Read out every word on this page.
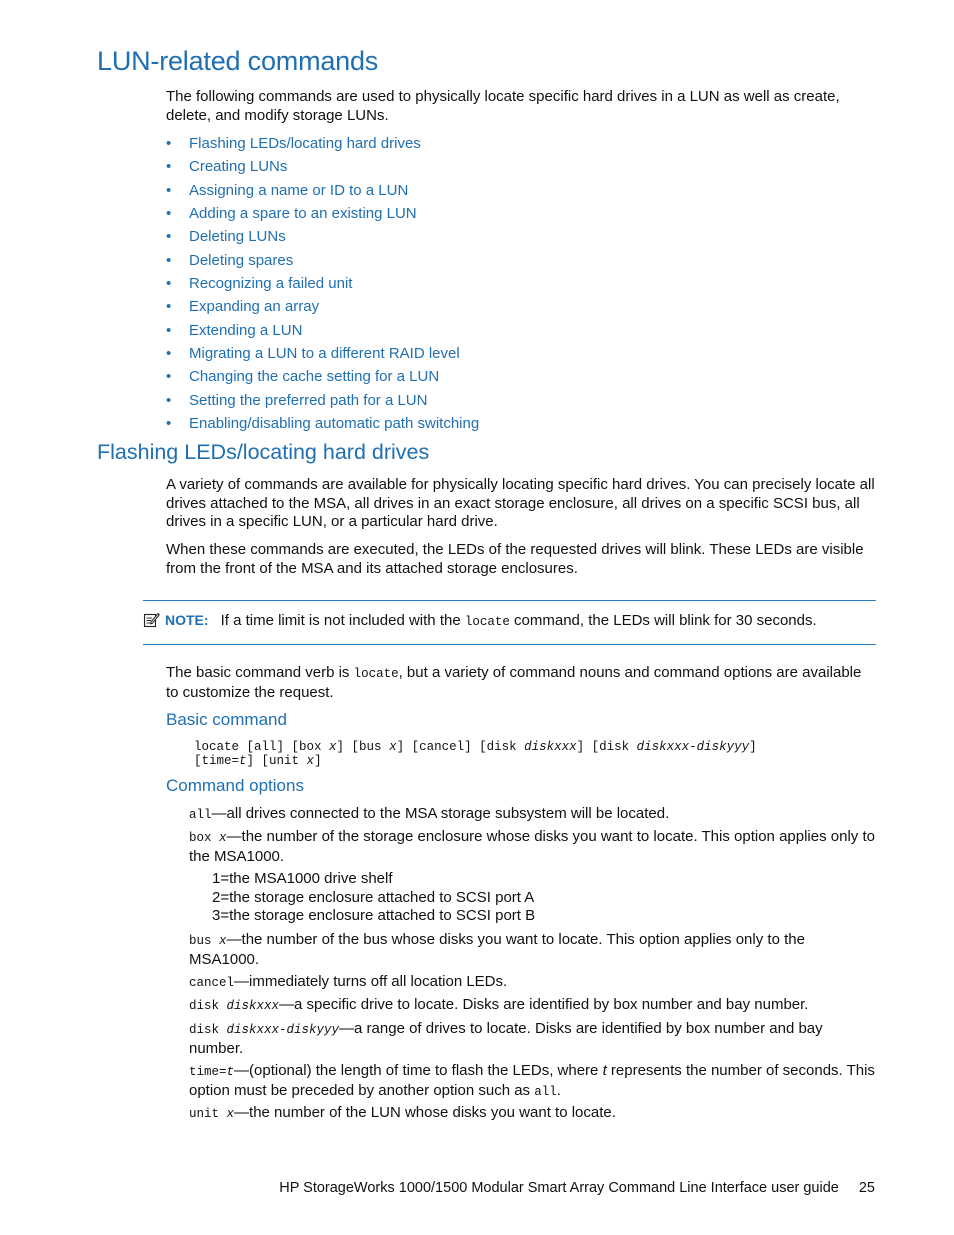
LUN-related commands

The following commands are used to physically locate specific hard drives in a LUN as well as create, delete, and modify storage LUNs.

• Flashing LEDs/locating hard drives
• Creating LUNs
• Assigning a name or ID to a LUN
• Adding a spare to an existing LUN
• Deleting LUNs
• Deleting spares
• Recognizing a failed unit
• Expanding an array
• Extending a LUN
• Migrating a LUN to a different RAID level
• Changing the cache setting for a LUN
• Setting the preferred path for a LUN
• Enabling/disabling automatic path switching
Flashing LEDs/locating hard drives

A variety of commands are available for physically locating specific hard drives. You can precisely locate all drives attached to the MSA, all drives in an exact storage enclosure, all drives on a specific SCSI bus, all drives in a specific LUN, or a particular hard drive.

When these commands are executed, the LEDs of the requested drives will blink. These LEDs are visible from the front of the MSA and its attached storage enclosures.

NOTE: If a time limit is not included with the locate command, the LEDs will blink for 30 seconds.

The basic command verb is locate, but a variety of command nouns and command options are available to customize the request.

Basic command
locate [all] [box x] [bus x] [cancel] [disk diskxxx] [disk diskxxx-diskyyy]
[time=t] [unit x]
Command options

all—all drives connected to the MSA storage subsystem will be located.

box x—the number of the storage enclosure whose disks you want to locate. This option applies only to the MSA1000.

1=the MSA1000 drive shelf

2=the storage enclosure attached to SCSI port A

3=the storage enclosure attached to SCSI port B

bus x—the number of the bus whose disks you want to locate. This option applies only to the MSA1000.

cancel—immediately turns off all location LEDs.

disk diskxxx—a specific drive to locate. Disks are identified by box number and bay number.

disk diskxxx-diskyyy—a range of drives to locate. Disks are identified by box number and bay number.

time=t—(optional) the length of time to flash the LEDs, where t represents the number of seconds. This option must be preceded by another option such as all.

unit x—the number of the LUN whose disks you want to locate.

HP StorageWorks 1000/1500 Modular Smart Array Command Line Interface user guide 25
